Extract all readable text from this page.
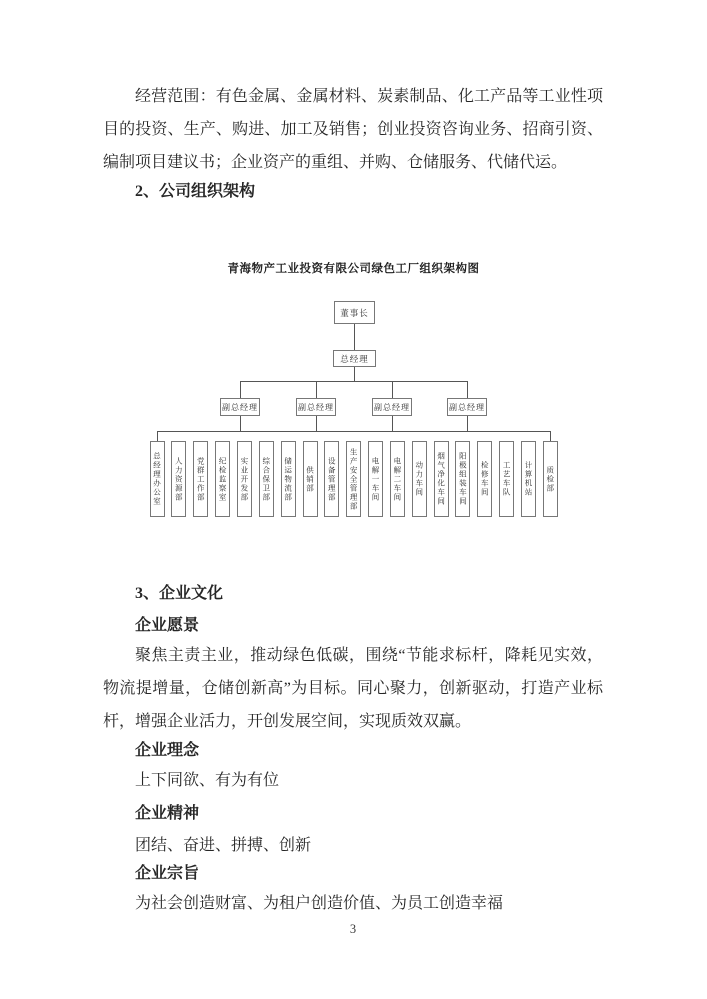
经营范围：有色金属、金属材料、炭素制品、化工产品等工业性项目的投资、生产、购进、加工及销售；创业投资咨询业务、招商引资、编制项目建议书；企业资产的重组、并购、仓储服务、代储代运。
2、公司组织架构
青海物产工业投资有限公司绿色工厂组织架构图
董事长
总经理
副总经理	副总经理	副总经理	副总经理
总经理办公室	人力资源部	党群工作部	纪检监察室	实业开发部	综合保卫部	储运物流部	供销部	设备管理部	生产安全管理部	电解一车间	电解二车间	动力车间	烟气净化车间	阳极组装车间	检修车间	工艺车队	计算机站	质检部
3、企业文化
企业愿景
聚焦主责主业，推动绿色低碳，围绕“节能求标杆，降耗见实效，物流提增量，仓储创新高”为目标。同心聚力，创新驱动，打造产业标杆，增强企业活力，开创发展空间，实现质效双赢。
企业理念
上下同欲、有为有位
企业精神
团结、奋进、拼搏、创新
企业宗旨
为社会创造财富、为租户创造价值、为员工创造幸福
3
